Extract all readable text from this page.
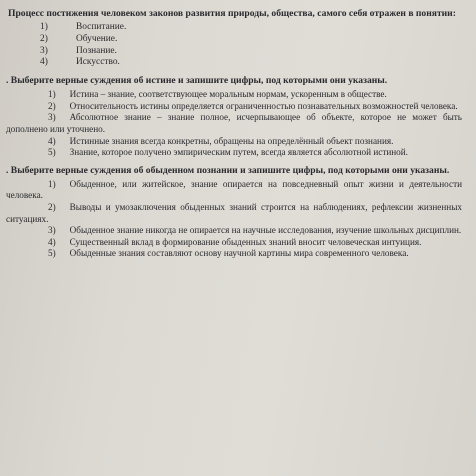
Процесс постижения человеком законов развития природы, общества, самого себя отражен в понятии:
1)	Воспитание.
2)	Обучение.
3)	Познание.
4)	Искусство.
. Выберите верные суждения об истине и запишите цифры, под которыми они указаны.

1) Истина – знание, соответствующее моральным нормам, ускоренным в обществе.

2) Относительность истины определяется ограниченностью познавательных возможностей человека.

3) Абсолютное знание – знание полное, исчерпывающее об объекте, которое не может быть дополнено или уточнено.

4) Истинные знания всегда конкретны, обращены на определённый объект познания.

5) Знание, которое получено эмпирическим путем, всегда является абсолютной истиной.

. Выберите верные суждения об обыденном познании и запишите цифры, под которыми они указаны.

1) Обыденное, или житейское, знание опирается на повседневный опыт жизни и деятельности человека.

2) Выводы и умозаключения обыденных знаний строится на наблюдениях, рефлексии жизненных ситуациях.

3) Обыденное знание никогда не опирается на научные исследования, изучение школьных дисциплин.

4) Существенный вклад в формирование обыденных знаний вносит человеческая интуиция.

5) Обыденные знания составляют основу научной картины мира современного человека.
